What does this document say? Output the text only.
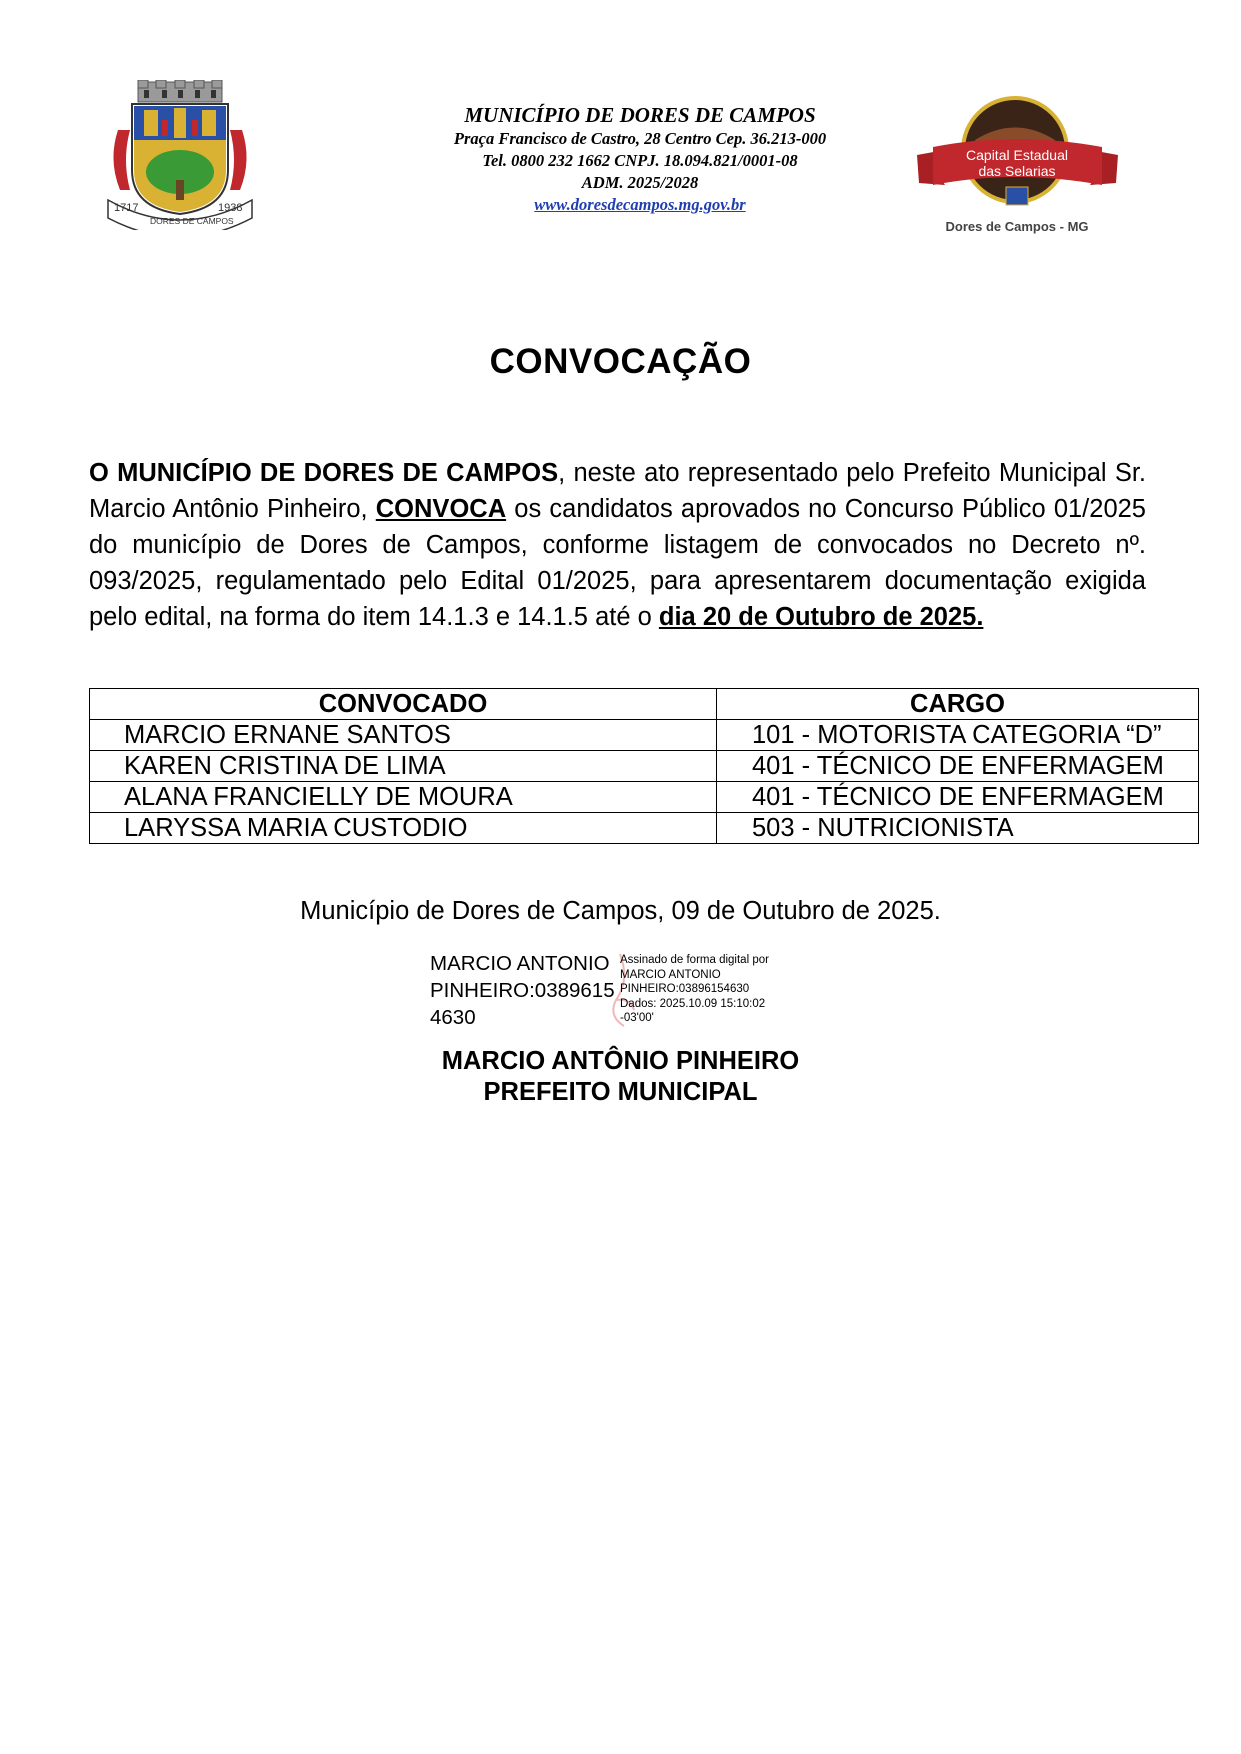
1717	1938
DORES DE CAMPOS
MUNICÍPIO DE DORES DE CAMPOS
Praça Francisco de Castro, 28 Centro Cep. 36.213-000
Tel. 0800 232 1662 CNPJ. 18.094.821/0001-08
ADM. 2025/2028
www.doresdecampos.mg.gov.br
Capital Estadual
das Selarias
★	★
Dores de Campos - MG
CONVOCAÇÃO
O MUNICÍPIO DE DORES DE CAMPOS, neste ato representado pelo Prefeito Municipal Sr. Marcio Antônio Pinheiro, CONVOCA os candidatos aprovados no Concurso Público 01/2025 do município de Dores de Campos, conforme listagem de convocados no Decreto nº. 093/2025, regulamentado pelo Edital 01/2025, para apresentarem documentação exigida pelo edital, na forma do item 14.1.3 e 14.1.5 até o dia 20 de Outubro de 2025.
CONVOCADO	CARGO
MARCIO ERNANE SANTOS	101 - MOTORISTA CATEGORIA “D”
KAREN CRISTINA DE LIMA	401 - TÉCNICO DE ENFERMAGEM
ALANA FRANCIELLY DE MOURA	401 - TÉCNICO DE ENFERMAGEM
LARYSSA MARIA CUSTODIO	503 - NUTRICIONISTA
Município de Dores de Campos, 09 de Outubro de 2025.
MARCIO ANTONIO
PINHEIRO:0389615
4630
Assinado de forma digital por
MARCIO ANTONIO
PINHEIRO:03896154630
Dados: 2025.10.09 15:10:02
-03'00'
MARCIO ANTÔNIO PINHEIRO
PREFEITO MUNICIPAL
